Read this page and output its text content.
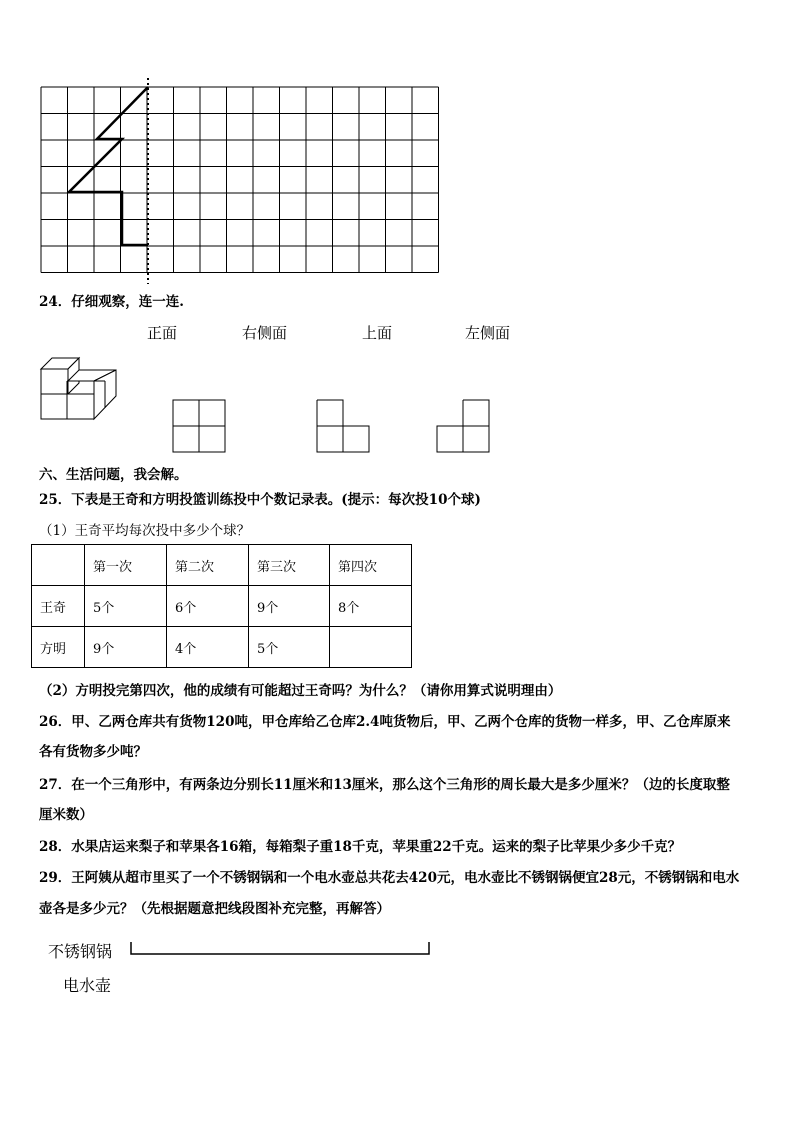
24．仔细观察，连一连.
正面	右侧面	上面	左侧面
六、生活问题，我会解。
25．下表是王奇和方明投篮训练投中个数记录表。(提示：每次投10个球)
（1）王奇平均每次投中多少个球？
	第一次	第二次	第三次	第四次
王奇	5个	6个	9个	8个
方明	9个	4个	5个	
（2）方明投完第四次，他的成绩有可能超过王奇吗？为什么？（请你用算式说明理由）
26．甲、乙两仓库共有货物120吨，甲仓库给乙仓库2.4吨货物后，甲、乙两个仓库的货物一样多，甲、乙仓库原来
各有货物多少吨？
27．在一个三角形中，有两条边分别长11厘米和13厘米，那么这个三角形的周长最大是多少厘米？（边的长度取整
厘米数）
28．水果店运来梨子和苹果各16箱，每箱梨子重18千克，苹果重22千克。运来的梨子比苹果少多少千克？
29．王阿姨从超市里买了一个不锈钢锅和一个电水壶总共花去420元，电水壶比不锈钢锅便宜28元，不锈钢锅和电水
壶各是多少元？（先根据题意把线段图补充完整，再解答）
不锈钢锅
电水壶
